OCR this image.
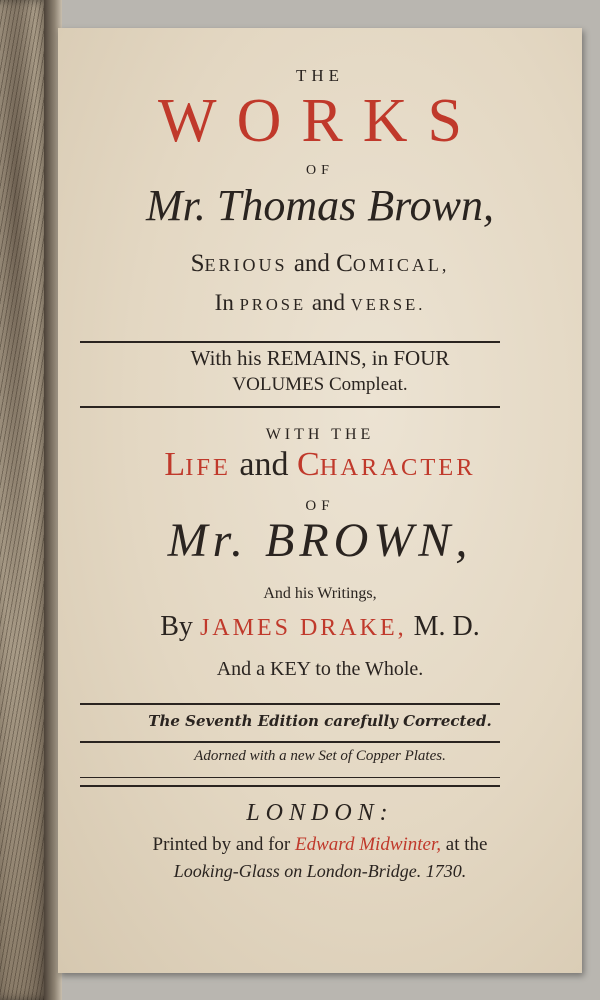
THE
WORKS
OF
Mr. Thomas Brown,
SERIOUS and COMICAL,
In PROSE and VERSE.
With his REMAINS, in FOUR
VOLUMES Compleat.
WITH THE
LIFE and CHARACTER
OF
Mr. BROWN,
And his Writings,
By JAMES DRAKE, M. D.
And a KEY to the Whole.
The Seventh Edition carefully Corrected.
Adorned with a new Set of Copper Plates.
LONDON:
Printed by and for Edward Midwinter, at the
Looking-Glass on London-Bridge. 1730.
